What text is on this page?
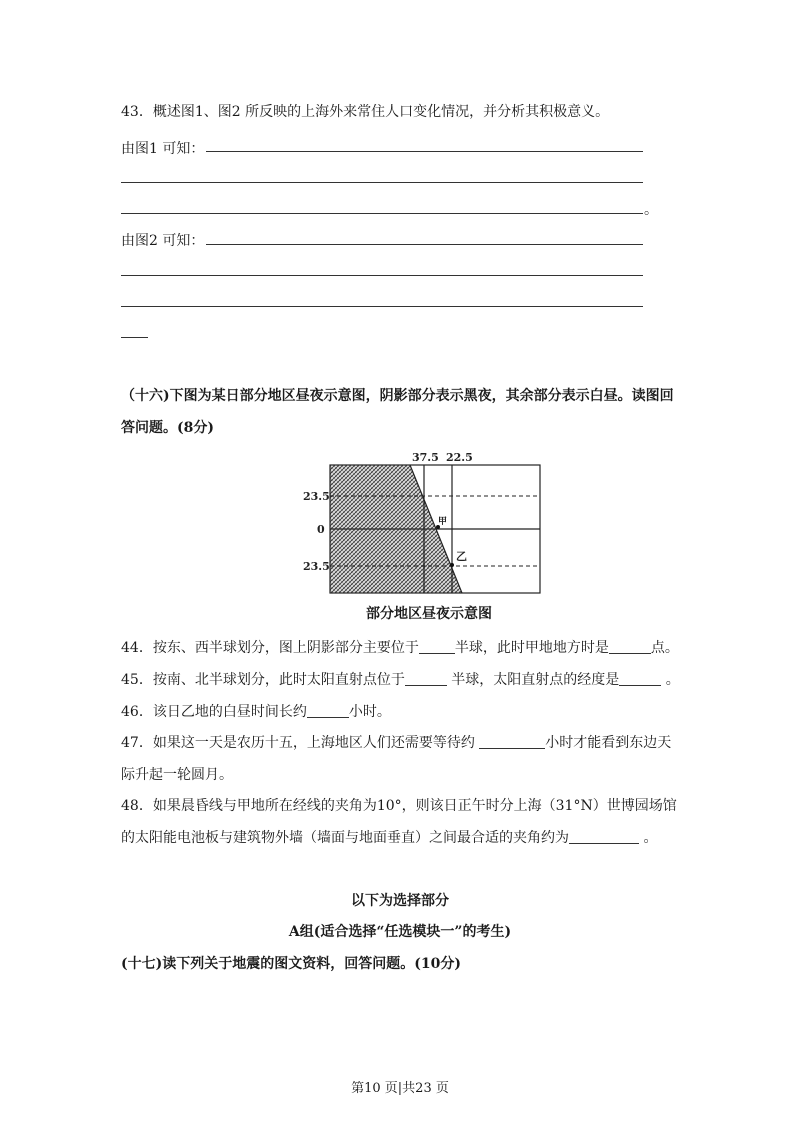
43．概述图1、图2 所反映的上海外来常住人口变化情况，并分析其积极意义。
由图1 可知：
。
由图2 可知：
（十六)下图为某日部分地区昼夜示意图，阴影部分表示黑夜，其余部分表示白昼。读图回
答问题。(8分)
37.5 22.5
23.5
0
23.5
甲
乙
部分地区昼夜示意图
44．按东、西半球划分，图上阴影部分主要位于	半球，此时甲地地方时是	点。
45．按南、北半球划分，此时太阳直射点位于	半球，太阳直射点的经度是	。
46．该日乙地的白昼时间长约	小时。
47．如果这一天是农历十五，上海地区人们还需要等待约	小时才能看到东边天
际升起一轮圆月。
48．如果晨昏线与甲地所在经线的夹角为10°，则该日正午时分上海（31°N）世博园场馆
的太阳能电池板与建筑物外墙（墙面与地面垂直）之间最合适的夹角约为	。
以下为选择部分
A组(适合选择“任选模块一”的考生)
(十七)读下列关于地震的图文资料，回答问题。(10分)
第10 页|共23 页
